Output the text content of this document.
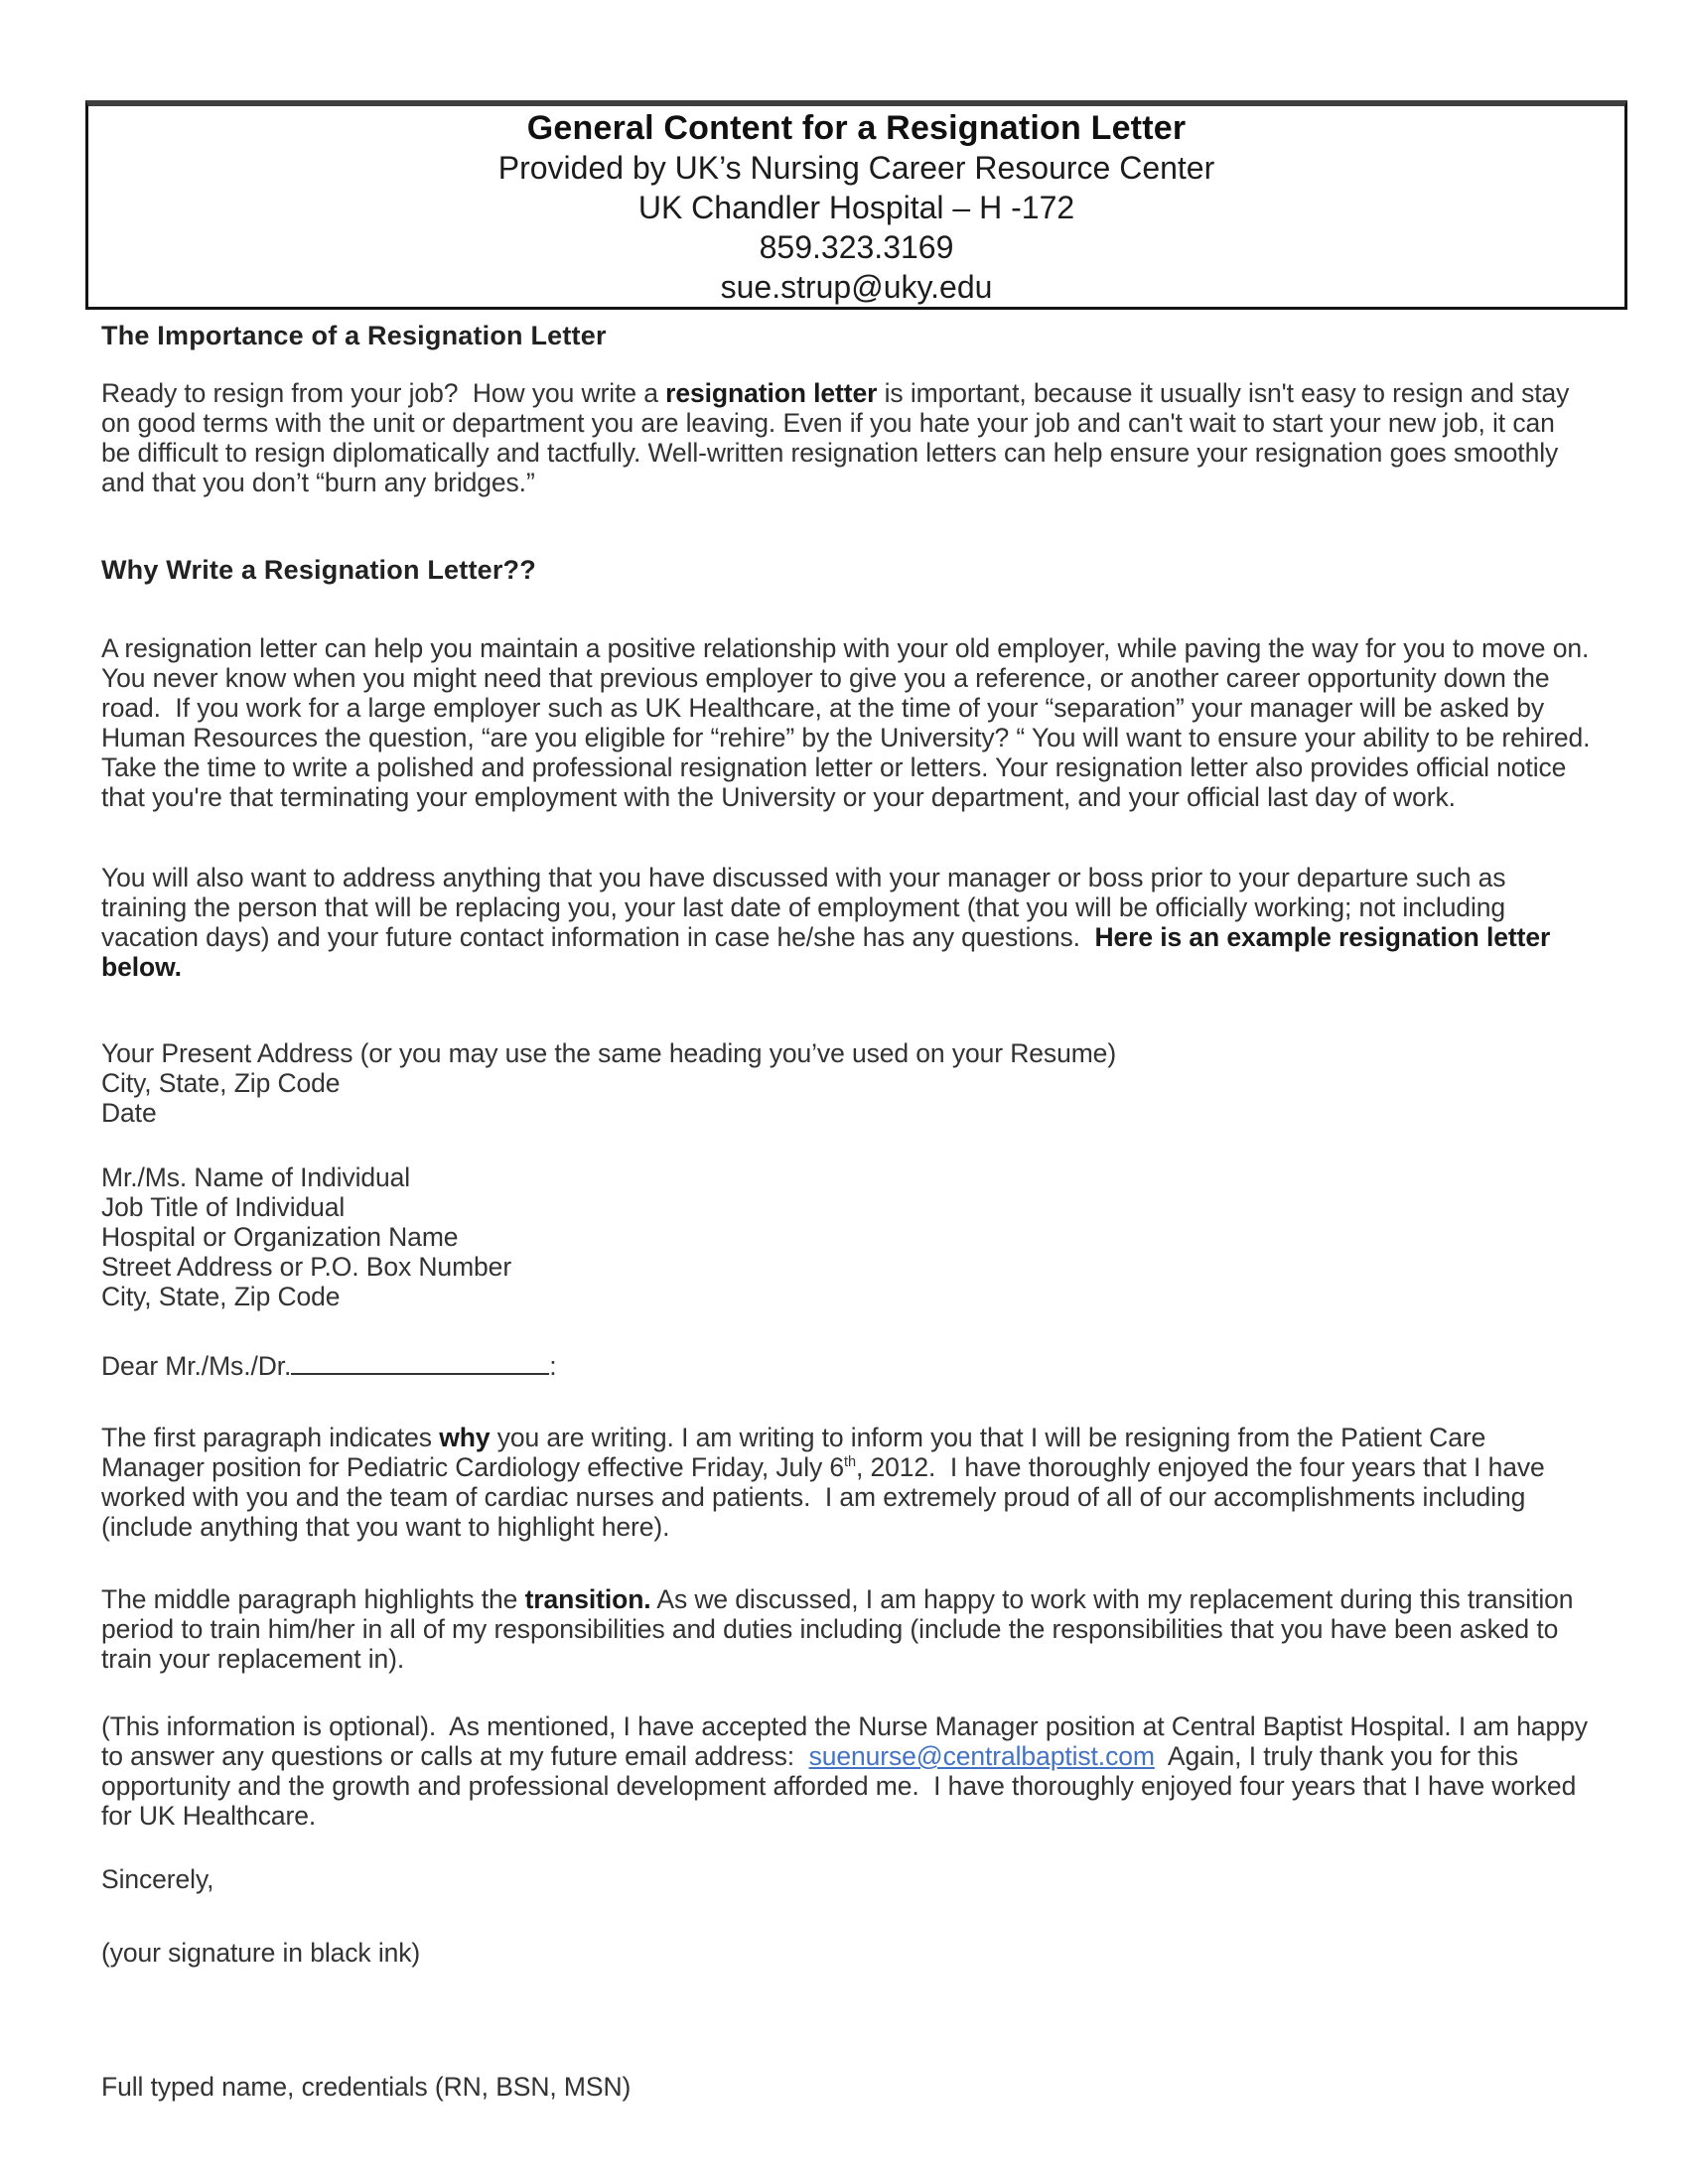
General Content for a Resignation Letter
Provided by UK’s Nursing Career Resource Center
UK Chandler Hospital – H -172
859.323.3169
sue.strup@uky.edu
The Importance of a Resignation Letter

Ready to resign from your job?  How you write a resignation letter is important, because it usually isn't easy to resign and stay on good terms with the unit or department you are leaving. Even if you hate your job and can't wait to start your new job, it can be difficult to resign diplomatically and tactfully. Well-written resignation letters can help ensure your resignation goes smoothly and that you don’t “burn any bridges.”

Why Write a Resignation Letter??

A resignation letter can help you maintain a positive relationship with your old employer, while paving the way for you to move on. You never know when you might need that previous employer to give you a reference, or another career opportunity down the road.  If you work for a large employer such as UK Healthcare, at the time of your “separation” your manager will be asked by Human Resources the question, “are you eligible for “rehire” by the University? “ You will want to ensure your ability to be rehired.  Take the time to write a polished and professional resignation letter or letters. Your resignation letter also provides official notice that you're that terminating your employment with the University or your department, and your official last day of work.

You will also want to address anything that you have discussed with your manager or boss prior to your departure such as training the person that will be replacing you, your last date of employment (that you will be officially working; not including vacation days) and your future contact information in case he/she has any questions.  Here is an example resignation letter below.

Your Present Address (or you may use the same heading you’ve used on your Resume)
City, State, Zip Code
Date
Mr./Ms. Name of Individual
Job Title of Individual
Hospital or Organization Name
Street Address or P.O. Box Number
City, State, Zip Code

Dear Mr./Ms./Dr.	:

The first paragraph indicates why you are writing. I am writing to inform you that I will be resigning from the Patient Care Manager position for Pediatric Cardiology effective Friday, July 6th, 2012.  I have thoroughly enjoyed the four years that I have worked with you and the team of cardiac nurses and patients.  I am extremely proud of all of our accomplishments including (include anything that you want to highlight here).

The middle paragraph highlights the transition. As we discussed, I am happy to work with my replacement during this transition period to train him/her in all of my responsibilities and duties including (include the responsibilities that you have been asked to train your replacement in).

(This information is optional).  As mentioned, I have accepted the Nurse Manager position at Central Baptist Hospital. I am happy to answer any questions or calls at my future email address:  suenurse@centralbaptist.com  Again, I truly thank you for this opportunity and the growth and professional development afforded me.  I have thoroughly enjoyed four years that I have worked for UK Healthcare.

Sincerely,

(your signature in black ink)

Full typed name, credentials (RN, BSN, MSN)
